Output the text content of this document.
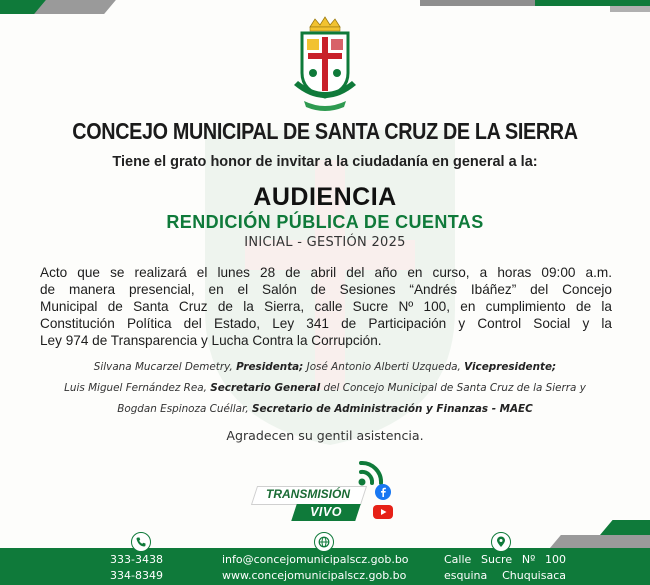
CONCEJO MUNICIPAL DE SANTA CRUZ DE LA SIERRA
Tiene el grato honor de invitar a la ciudadanía en general a la:
AUDIENCIA
RENDICIÓN PÚBLICA DE CUENTAS
INICIAL - GESTIÓN 2025
Acto que se realizará el lunes 28 de abril del año en curso, a horas 09:00 a.m.
de manera presencial, en el Salón de Sesiones “Andrés Ibáñez” del Concejo
Municipal de Santa Cruz de la Sierra, calle Sucre Nº 100, en cumplimiento de la
Constitución Política del Estado, Ley 341 de Participación y Control Social y la
Ley 974 de Transparencia y Lucha Contra la Corrupción.
Silvana Mucarzel Demetry, Presidenta; José Antonio Alberti Uzqueda, Vicepresidente;
Luis Miguel Fernández Rea, Secretario General del Concejo Municipal de Santa Cruz de la Sierra y
Bogdan Espinoza Cuéllar, Secretario de Administración y Finanzas - MAEC
Agradecen su gentil asistencia.
TRANSMISIÓN
VIVO
333-3438
334-8349
info@concejomunicipalscz.gob.bo
www.concejomunicipalscz.gob.bo
Calle Sucre Nº 100
esquina Chuquisaca
